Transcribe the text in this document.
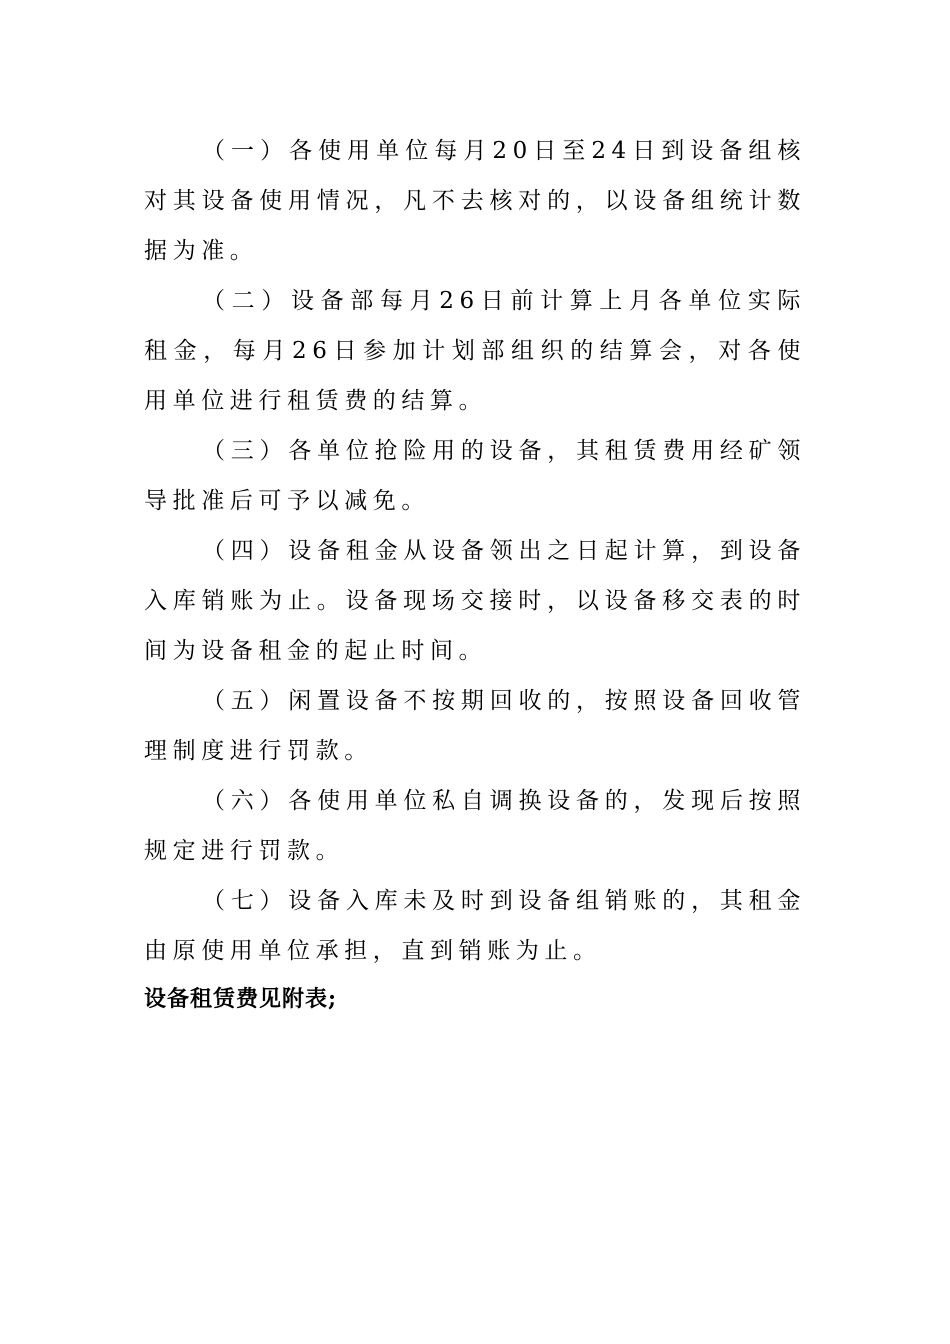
（一）各使用单位每月20日至24日到设备组核对其设备使用情况，凡不去核对的，以设备组统计数据为准。

（二）设备部每月26日前计算上月各单位实际租金，每月26日参加计划部组织的结算会，对各使用单位进行租赁费的结算。

（三）各单位抢险用的设备，其租赁费用经矿领导批准后可予以减免。

（四）设备租金从设备领出之日起计算，到设备入库销账为止。设备现场交接时，以设备移交表的时间为设备租金的起止时间。

（五）闲置设备不按期回收的，按照设备回收管理制度进行罚款。

（六）各使用单位私自调换设备的，发现后按照规定进行罚款。

（七）设备入库未及时到设备组销账的，其租金由原使用单位承担，直到销账为止。

设备租赁费见附表;
